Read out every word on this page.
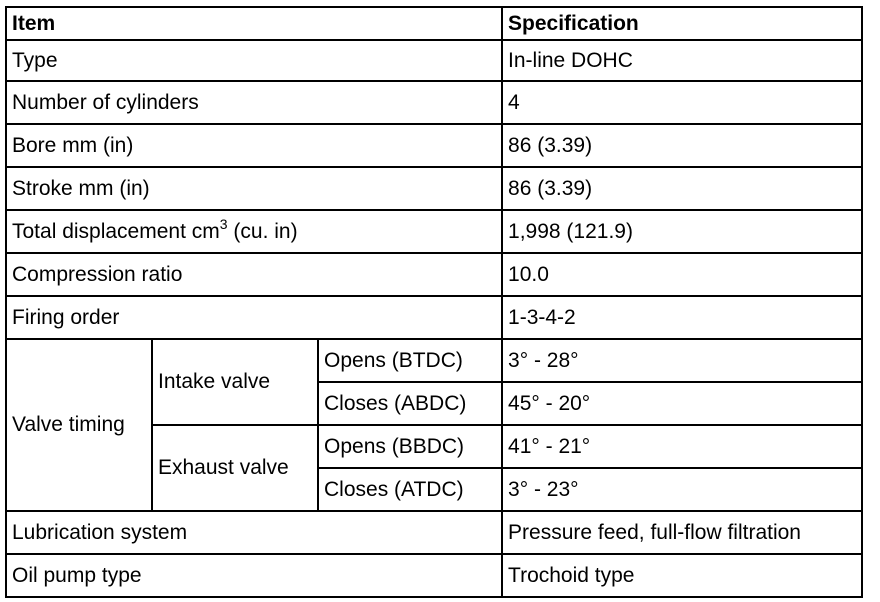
Item			Specification
Type			In-line DOHC
Number of cylinders			4
Bore mm (in)			86 (3.39)
Stroke mm (in)			86 (3.39)
Total displacement $cm^3$ (cu. in)			1,998 (121.9)
Compression ratio			10.0
Firing order			1-3-4-2
Valve timing	Intake valve	Opens (BTDC)	3° - 28°
		Closes (ABDC)	45° - 20°
	Exhaust valve	Opens (BBDC)	41° - 21°
		Closes (ATDC)	3° - 23°
Lubrication system			Pressure feed, full-flow filtration
Oil pump type			Trochoid type
